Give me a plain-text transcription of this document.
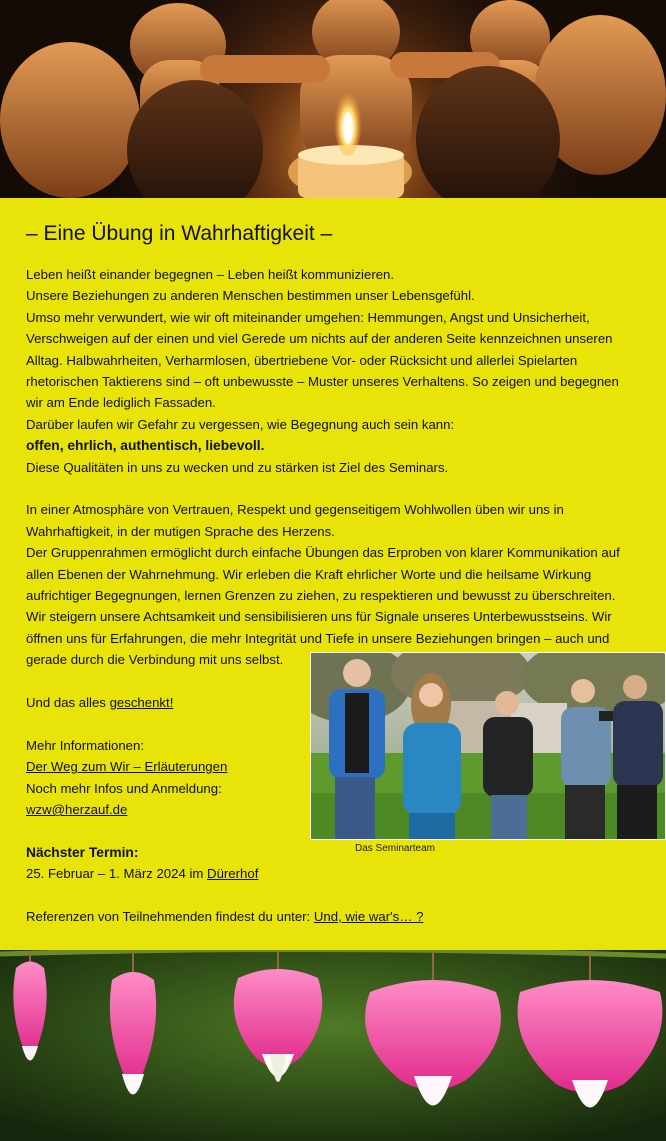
– Eine Übung in Wahrhaftigkeit –

Leben heißt einander begegnen – Leben heißt kommunizieren.

Unsere Beziehungen zu anderen Menschen bestimmen unser Lebensgefühl.

Umso mehr verwundert, wie wir oft miteinander umgehen: Hemmungen, Angst und Unsicherheit,

Verschweigen auf der einen und viel Gerede um nichts auf der anderen Seite kennzeichnen unseren

Alltag. Halbwahrheiten, Verharmlosen, übertriebene Vor- oder Rücksicht und allerlei Spielarten

rhetorischen Taktierens sind – oft unbewusste – Muster unseres Verhaltens. So zeigen und begegnen

wir am Ende lediglich Fassaden.

Darüber laufen wir Gefahr zu vergessen, wie Begegnung auch sein kann:

offen, ehrlich, authentisch, liebevoll.

Diese Qualitäten in uns zu wecken und zu stärken ist Ziel des Seminars.

In einer Atmosphäre von Vertrauen, Respekt und gegenseitigem Wohlwollen üben wir uns in

Wahrhaftigkeit, in der mutigen Sprache des Herzens.

Der Gruppenrahmen ermöglicht durch einfache Übungen das Erproben von klarer Kommunikation auf

allen Ebenen der Wahrnehmung. Wir erleben die Kraft ehrlicher Worte und die heilsame Wirkung

aufrichtiger Begegnungen, lernen Grenzen zu ziehen, zu respektieren und bewusst zu überschreiten.

Wir steigern unsere Achtsamkeit und sensibilisieren uns für Signale unseres Unterbewusstseins. Wir

öffnen uns für Erfahrungen, die mehr Integrität und Tiefe in unsere Beziehungen bringen – auch und

gerade durch die Verbindung mit uns selbst.

Und das alles geschenkt!

Mehr Informationen:

Der Weg zum Wir – Erläuterungen

Noch mehr Infos und Anmeldung:

wzw@herzauf.de

Nächster Termin:

25. Februar – 1. März 2024 im Dürerhof

Referenzen von Teilnehmenden findest du unter: Und, wie war's… ?

Das Seminarteam
